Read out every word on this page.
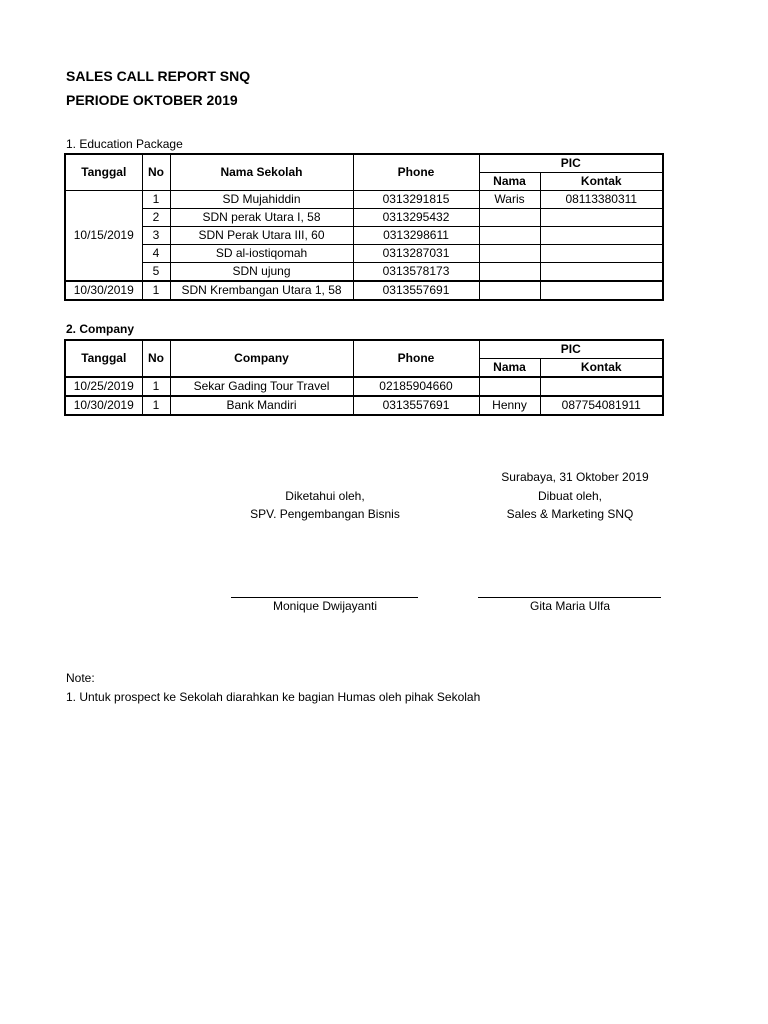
SALES CALL REPORT SNQ
PERIODE OKTOBER 2019
1. Education Package
Tanggal	No	Nama Sekolah	Phone	PIC	
				Nama	Kontak
10/15/2019	1	SD Mujahiddin	0313291815	Waris	08113380311
	2	SDN perak Utara I, 58	0313295432		
	3	SDN Perak Utara III, 60	0313298611		
	4	SD al-iostiqomah	0313287031		
	5	SDN ujung	0313578173		
10/30/2019	1	SDN Krembangan Utara 1, 58	0313557691		
2. Company
Tanggal	No	Company	Phone	PIC	
				Nama	Kontak
10/25/2019	1	Sekar Gading Tour Travel	02185904660		
10/30/2019	1	Bank Mandiri	0313557691	Henny	087754081911
Surabaya, 31 Oktober 2019
Diketahui oleh,
SPV. Pengembangan Bisnis
Dibuat oleh,
Sales & Marketing SNQ
Monique Dwijayanti	Gita Maria Ulfa
Note:
1. Untuk prospect ke Sekolah diarahkan ke bagian Humas oleh pihak Sekolah
